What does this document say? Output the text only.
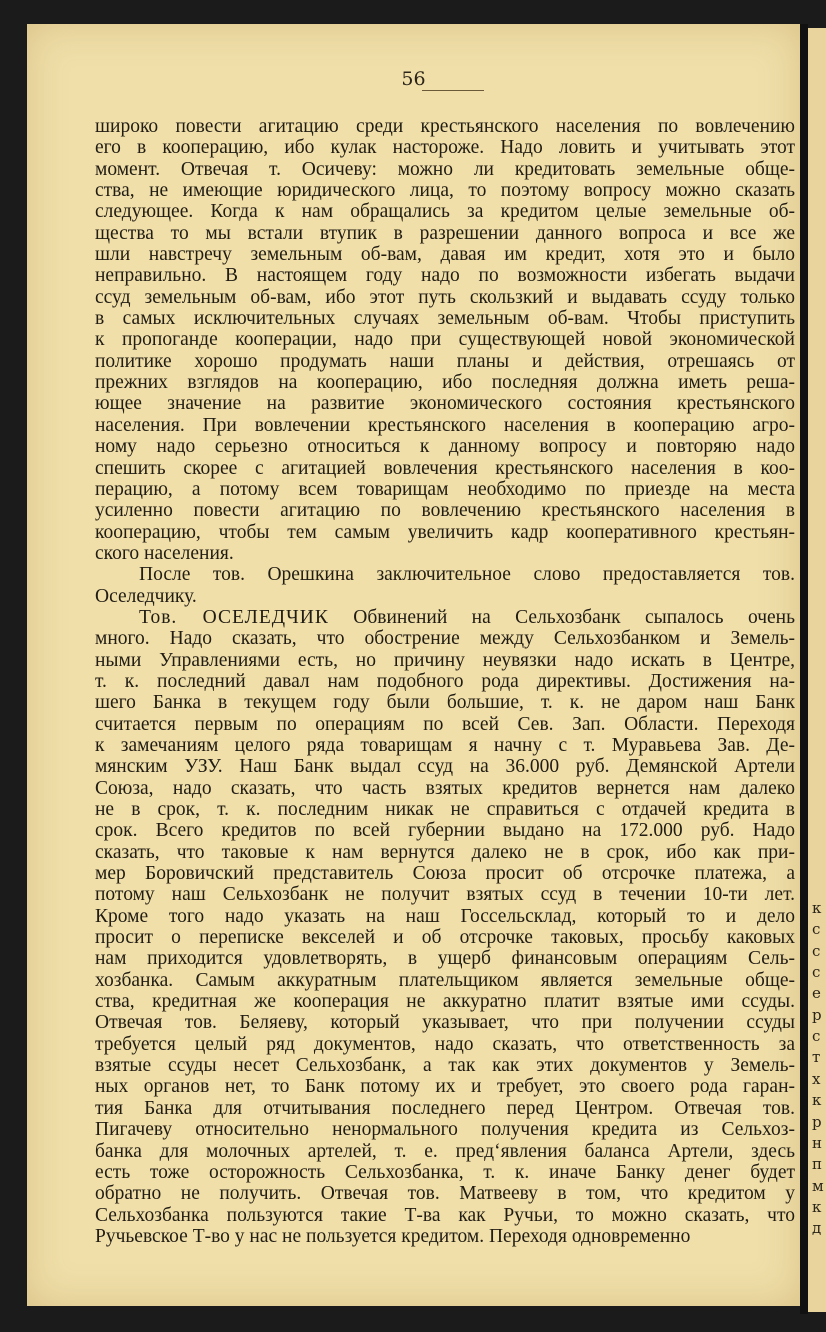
к
с
с
с
е
р
с
т
х
к
р
н
п
м
к
д
56

широко повести агитацию среди крестьянского населения по вовлечению
его в кооперацию, ибо кулак настороже. Надо ловить и учитывать этот
момент. Отвечая т. Осичеву: можно ли кредитовать земельные обще-
ства, не имеющие юридического лица, то поэтому вопросу можно сказать
следующее. Когда к нам обращались за кредитом целые земельные об-
щества то мы встали втупик в разрешении данного вопроса и все же
шли навстречу земельным об-вам, давая им кредит, хотя это и было
неправильно. В настоящем году надо по возможности избегать выдачи
ссуд земельным об-вам, ибо этот путь скользкий и выдавать ссуду только
в самых исключительных случаях земельным об-вам. Чтобы приступить
к пропоганде кооперации, надо при существующей новой экономической
политике хорошо продумать наши планы и действия, отрешаясь от
прежних взглядов на кооперацию, ибо последняя должна иметь реша-
ющее значение на развитие экономического состояния крестьянского
населения. При вовлечении крестьянского населения в кооперацию агро-
ному надо серьезно относиться к данному вопросу и повторяю надо
спешить скорее с агитацией вовлечения крестьянского населения в коо-
перацию, а потому всем товарищам необходимо по приезде на места
усиленно повести агитацию по вовлечению крестьянского населения в
кооперацию, чтобы тем самым увеличить кадр кооперативного крестьян-
ского населения.

После тов. Орешкина заключительное слово предоставляется тов.
Оселедчику.

Тов. ОСЕЛЕДЧИК Обвинений на Сельхозбанк сыпалось очень
много. Надо сказать, что обострение между Сельхозбанком и Земель-
ными Управлениями есть, но причину неувязки надо искать в Центре,
т. к. последний давал нам подобного рода директивы. Достижения на-
шего Банка в текущем году были большие, т. к. не даром наш Банк
считается первым по операциям по всей Сев. Зап. Области. Переходя
к замечаниям целого ряда товарищам я начну с т. Муравьева Зав. Де-
мянским УЗУ. Наш Банк выдал ссуд на 36.000 руб. Демянской Артели
Союза, надо сказать, что часть взятых кредитов вернется нам далеко
не в срок, т. к. последним никак не справиться с отдачей кредита в
срок. Всего кредитов по всей губернии выдано на 172.000 руб. Надо
сказать, что таковые к нам вернутся далеко не в срок, ибо как при-
мер Боровичский представитель Союза просит об отсрочке платежа, а
потому наш Сельхозбанк не получит взятых ссуд в течении 10-ти лет.
Кроме того надо указать на наш Госсельсклад, который то и дело
просит о переписке векселей и об отсрочке таковых, просьбу каковых
нам приходится удовлетворять, в ущерб финансовым операциям Сель-
хозбанка. Самым аккуратным плательщиком является земельные обще-
ства, кредитная же кооперация не аккуратно платит взятые ими ссуды.
Отвечая тов. Беляеву, который указывает, что при получении ссуды
требуется целый ряд документов, надо сказать, что ответственность за
взятые ссуды несет Сельхозбанк, а так как этих документов у Земель-
ных органов нет, то Банк потому их и требует, это своего рода гаран-
тия Банка для отчитывания последнего перед Центром. Отвечая тов.
Пигачеву относительно ненормального получения кредита из Сельхоз-
банка для молочных артелей, т. е. пред‘явления баланса Артели, здесь
есть тоже осторожность Сельхозбанка, т. к. иначе Банку денег будет
обратно не получить. Отвечая тов. Матвееву в том, что кредитом у
Сельхозбанка пользуются такие Т-ва как Ручьи, то можно сказать, что
Ручьевское Т-во у нас не пользуется кредитом. Переходя одновременно
